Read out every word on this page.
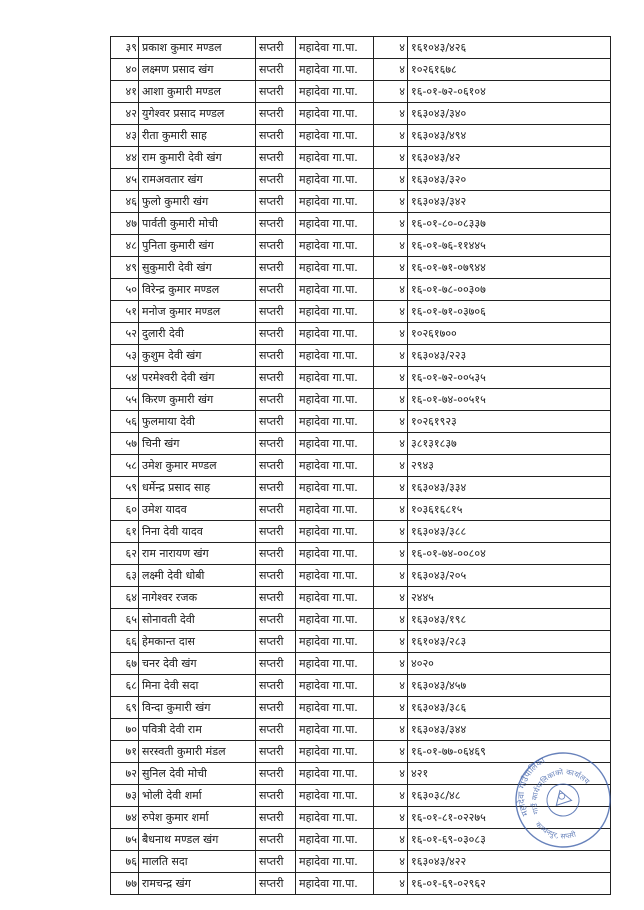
३९	प्रकाश कुमार मण्डल	सप्तरी	महादेवा गा.पा.	४	१६१०४३/४२६
४०	लक्ष्मण प्रसाद खंग	सप्तरी	महादेवा गा.पा.	४	१०२६१६७८
४१	आशा कुमारी मण्डल	सप्तरी	महादेवा गा.पा.	४	१६-०१-७२-०६१०४
४२	युगेश्वर प्रसाद मण्डल	सप्तरी	महादेवा गा.पा.	४	१६३०४३/३४०
४३	रीता कुमारी साह	सप्तरी	महादेवा गा.पा.	४	१६३०४३/४९४
४४	राम कुमारी देवी खंग	सप्तरी	महादेवा गा.पा.	४	१६३०४३/४२
४५	रामअवतार खंग	सप्तरी	महादेवा गा.पा.	४	१६३०४३/३२०
४६	फुलो कुमारी खंग	सप्तरी	महादेवा गा.पा.	४	१६३०४३/३४२
४७	पार्वती कुमारी मोची	सप्तरी	महादेवा गा.पा.	४	१६-०१-८०-०८३३७
४८	पुनिता कुमारी खंग	सप्तरी	महादेवा गा.पा.	४	१६-०१-७६-११४४५
४९	सुकुमारी देवी खंग	सप्तरी	महादेवा गा.पा.	४	१६-०१-७१-०७९४४
५०	विरेन्द्र कुमार मण्डल	सप्तरी	महादेवा गा.पा.	४	१६-०१-७८-००३०७
५१	मनोज कुमार मण्डल	सप्तरी	महादेवा गा.पा.	४	१६-०१-७१-०३७०६
५२	दुलारी देवी	सप्तरी	महादेवा गा.पा.	४	१०२६१७००
५३	कुशुम देवी खंग	सप्तरी	महादेवा गा.पा.	४	१६३०४३/२२३
५४	परमेश्वरी देवी खंग	सप्तरी	महादेवा गा.पा.	४	१६-०१-७२-००५३५
५५	किरण कुमारी खंग	सप्तरी	महादेवा गा.पा.	४	१६-०१-७४-००५१५
५६	फुलमाया देवी	सप्तरी	महादेवा गा.पा.	४	१०२६१९२३
५७	चिनी खंग	सप्तरी	महादेवा गा.पा.	४	३८१३१८३७
५८	उमेश कुमार मण्डल	सप्तरी	महादेवा गा.पा.	४	२९४३
५९	धर्मेन्द्र प्रसाद साह	सप्तरी	महादेवा गा.पा.	४	१६३०४३/३३४
६०	उमेश यादव	सप्तरी	महादेवा गा.पा.	४	१०३६१६८१५
६१	निना देवी यादव	सप्तरी	महादेवा गा.पा.	४	१६३०४३/३८८
६२	राम नारायण खंग	सप्तरी	महादेवा गा.पा.	४	१६-०१-७४-००८०४
६३	लक्ष्मी देवी धोबी	सप्तरी	महादेवा गा.पा.	४	१६३०४३/२०५
६४	नागेश्वर रजक	सप्तरी	महादेवा गा.पा.	४	२४४५
६५	सोनावती देवी	सप्तरी	महादेवा गा.पा.	४	१६३०४३/१९८
६६	हेमकान्त दास	सप्तरी	महादेवा गा.पा.	४	१६१०४३/२८३
६७	चनर देवी खंग	सप्तरी	महादेवा गा.पा.	४	४०२०
६८	मिना देवी सदा	सप्तरी	महादेवा गा.पा.	४	१६३०४३/४५७
६९	विन्दा कुमारी खंग	सप्तरी	महादेवा गा.पा.	४	१६३०४३/३८६
७०	पवित्री देवी राम	सप्तरी	महादेवा गा.पा.	४	१६३०४३/३४४
७१	सरस्वती कुमारी मंडल	सप्तरी	महादेवा गा.पा.	४	१६-०१-७७-०६४६९
७२	सुनिल देवी मोची	सप्तरी	महादेवा गा.पा.	४	४२१
७३	भोली देवी शर्मा	सप्तरी	महादेवा गा.पा.	४	१६३०३८/४८
७४	रुपेश कुमार शर्मा	सप्तरी	महादेवा गा.पा.	४	१६-०१-८१-०२२७५
७५	बैधनाथ मण्डल खंग	सप्तरी	महादेवा गा.पा.	४	१६-०१-६९-०३०८३
७६	मालति सदा	सप्तरी	महादेवा गा.पा.	४	१६३०४३/४२२
७७	रामचन्द्र खंग	सप्तरी	महादेवा गा.पा.	४	१६-०१-६९-०२९६२
महादेवा गाउँपालिका
गाउँ कार्यपालिकाको कार्यालय
कञ्चनपुर, सप्तरी
